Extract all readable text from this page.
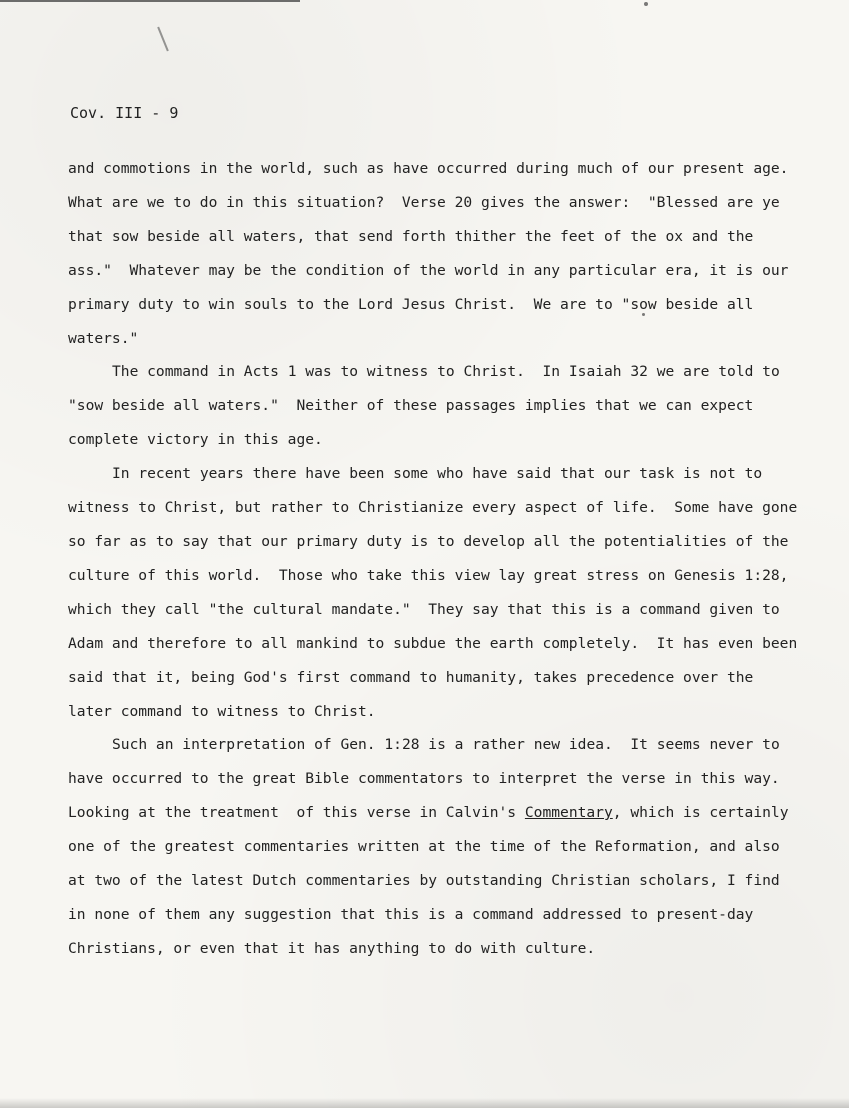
Cov. III - 9
and commotions in the world, such as have occurred during much of our present age.
What are we to do in this situation?  Verse 20 gives the answer:  "Blessed are ye
that sow beside all waters, that send forth thither the feet of the ox and the
ass."  Whatever may be the condition of the world in any particular era, it is our
primary duty to win souls to the Lord Jesus Christ.  We are to "sow beside all
waters."
The command in Acts 1 was to witness to Christ.  In Isaiah 32 we are told to
"sow beside all waters."  Neither of these passages implies that we can expect
complete victory in this age.
In recent years there have been some who have said that our task is not to
witness to Christ, but rather to Christianize every aspect of life.  Some have gone
so far as to say that our primary duty is to develop all the potentialities of the
culture of this world.  Those who take this view lay great stress on Genesis 1:28,
which they call "the cultural mandate."  They say that this is a command given to
Adam and therefore to all mankind to subdue the earth completely.  It has even been
said that it, being God's first command to humanity, takes precedence over the
later command to witness to Christ.
Such an interpretation of Gen. 1:28 is a rather new idea.  It seems never to
have occurred to the great Bible commentators to interpret the verse in this way.
Looking at the treatment  of this verse in Calvin's Commentary, which is certainly
one of the greatest commentaries written at the time of the Reformation, and also
at two of the latest Dutch commentaries by outstanding Christian scholars, I find
in none of them any suggestion that this is a command addressed to present-day
Christians, or even that it has anything to do with culture.
